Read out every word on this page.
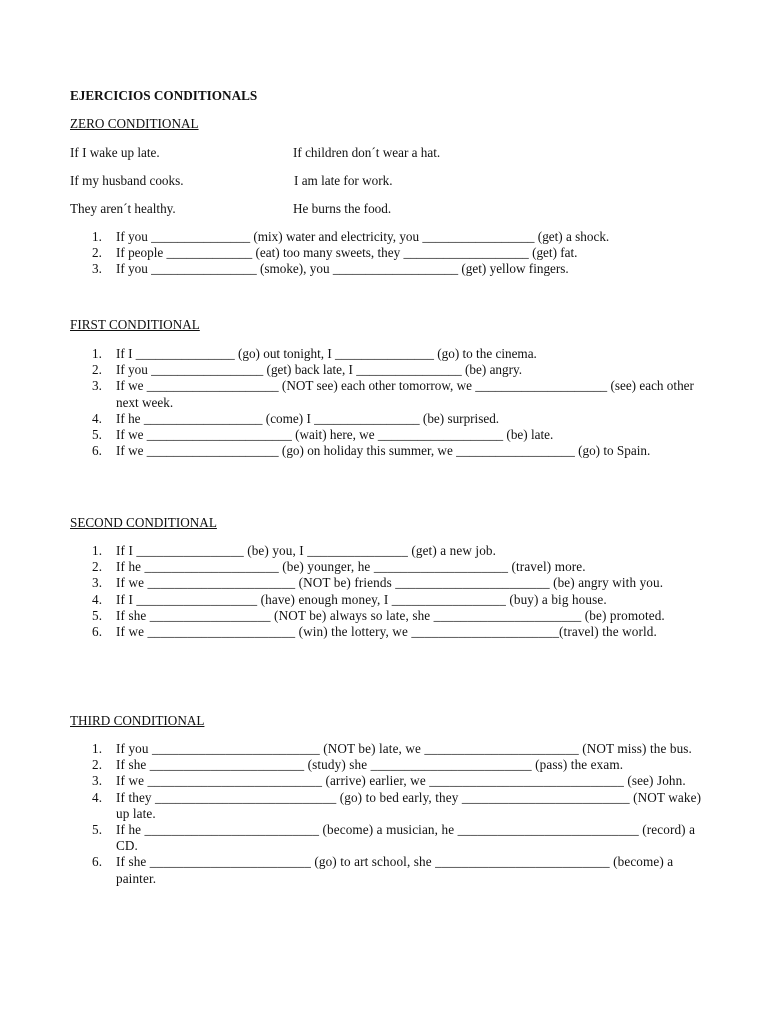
EJERCICIOS CONDITIONALS
ZERO CONDITIONAL
If I wake up late.	If children don´t wear a hat.
If my husband cooks.	I am late for work.
They aren´t healthy.	He burns the food.
1. If you _______________ (mix) water and electricity, you _________________ (get) a shock.
2. If people _____________ (eat) too many sweets, they ___________________ (get) fat.
3. If you ________________ (smoke), you ___________________ (get) yellow fingers.
FIRST CONDITIONAL
1. If I _______________ (go) out tonight, I _______________ (go) to the cinema.
2. If you _________________ (get) back late, I ________________ (be) angry.
3. If we ____________________ (NOT see) each other tomorrow, we ____________________ (see) each other next week.
4. If he __________________ (come) I ________________ (be) surprised.
5. If we ______________________ (wait) here, we ___________________ (be) late.
6. If we ____________________ (go) on holiday this summer, we __________________ (go) to Spain.
SECOND CONDITIONAL
1. If I ________________ (be) you, I _______________ (get) a new job.
2. If he ____________________ (be) younger, he ____________________ (travel) more.
3. If we ______________________ (NOT be) friends _______________________ (be) angry with you.
4. If I __________________ (have) enough money, I _________________ (buy) a big house.
5. If she __________________ (NOT be) always so late, she ______________________ (be) promoted.
6. If we ______________________ (win) the lottery, we ______________________(travel) the world.
THIRD CONDITIONAL
1. If you _________________________ (NOT be) late, we _______________________ (NOT miss) the bus.
2. If she _______________________ (study) she ________________________ (pass) the exam.
3. If we __________________________ (arrive) earlier, we _____________________________ (see) John.
4. If they ___________________________ (go) to bed early, they _________________________ (NOT wake) up late.
5. If he __________________________ (become) a musician, he ___________________________ (record) a CD.
6. If she ________________________ (go) to art school, she __________________________ (become) a painter.
